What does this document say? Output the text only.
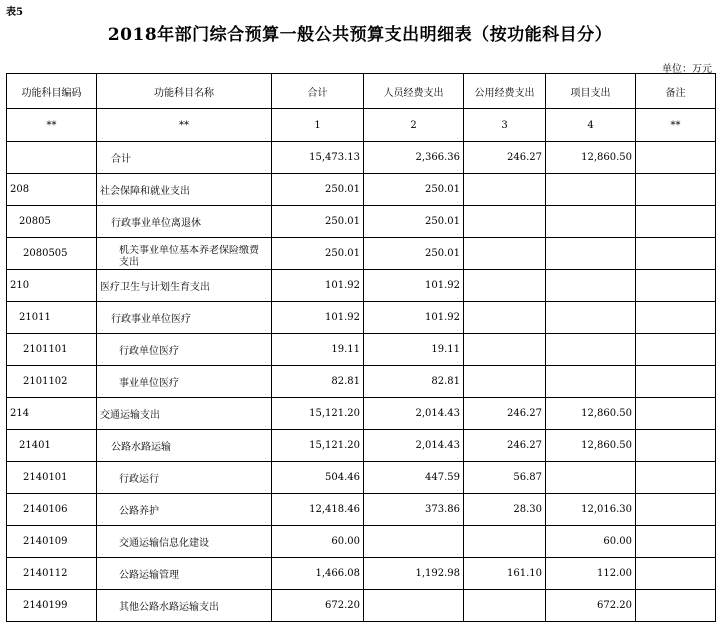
表5
2018年部门综合预算一般公共预算支出明细表（按功能科目分）
单位：万元
功能科目编码	功能科目名称	合计	人员经费支出	公用经费支出	项目支出	备注
**	**	1	2	3	4	**
	合计	15,473.13	2,366.36	246.27	12,860.50	
208	社会保障和就业支出	250.01	250.01			
20805	行政事业单位离退休	250.01	250.01			
2080505	机关事业单位基本养老保险缴费支出	250.01	250.01			
210	医疗卫生与计划生育支出	101.92	101.92			
21011	行政事业单位医疗	101.92	101.92			
2101101	行政单位医疗	19.11	19.11			
2101102	事业单位医疗	82.81	82.81			
214	交通运输支出	15,121.20	2,014.43	246.27	12,860.50	
21401	公路水路运输	15,121.20	2,014.43	246.27	12,860.50	
2140101	行政运行	504.46	447.59	56.87		
2140106	公路养护	12,418.46	373.86	28.30	12,016.30	
2140109	交通运输信息化建设	60.00			60.00	
2140112	公路运输管理	1,466.08	1,192.98	161.10	112.00	
2140199	其他公路水路运输支出	672.20			672.20	
